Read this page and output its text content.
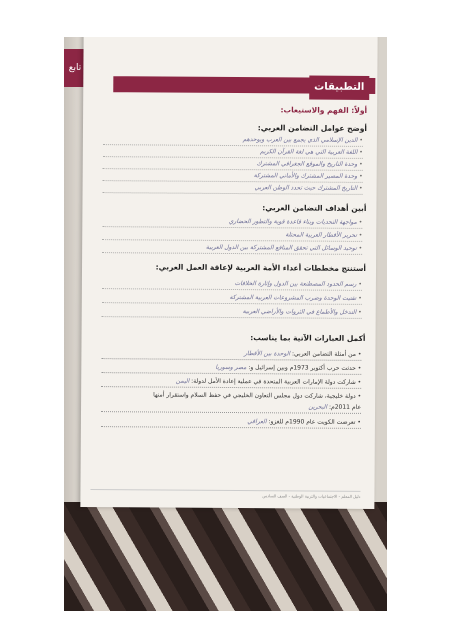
تابع
التطبيقات
أولاً: الفهم والاستيعاب:
أوضح عوامل التضامن العربي:
• الدين الإسلامي الذي يجمع بين العرب ويوحدهم
• اللغة العربية التي هي لغة القرآن الكريم
• وحدة التاريخ والموقع الجغرافي المشترك
• وحدة المصير المشترك والأماني المشتركة
• التاريخ المشترك حيث تحدد الوطن العربي
أبين أهداف التضامن العربي:
• مواجهة التحديات وبناء قاعدة قوية والتطور الحضاري
• تحرير الأقطار العربية المحتلة
• توحيد الوسائل التي تحقق المنافع المشتركة بين الدول العربية
أستنتج مخططات أعداء الأمة العربية لإعاقة العمل العربي:
• رسم الحدود المصطنعة بين الدول وإثارة الخلافات
• تفتيت الوحدة وضرب المشروعات العربية المشتركة
• التدخل والأطماع في الثروات والأراضي العربية
أكمل العبارات الآتية بما يناسب:
• من أمثلة التضامن العربي: الوحدة بين الأقطار
• حدثت حرب أكتوبر 1973م وبين إسرائيل و: مصر وسوريا
• شاركت دولة الإمارات العربية المتحدة في عملية إعادة الأمل لدولة: اليمن
• دولة خليجية، شاركت دول مجلس التعاون الخليجي في حفظ السلام واستقرار أمنها
عام 2011م: البحرين
• تعرضت الكويت عام 1990م للغزو: العراقي
دليل المعلم - الاجتماعيات والتربية الوطنية - الصف السادس
